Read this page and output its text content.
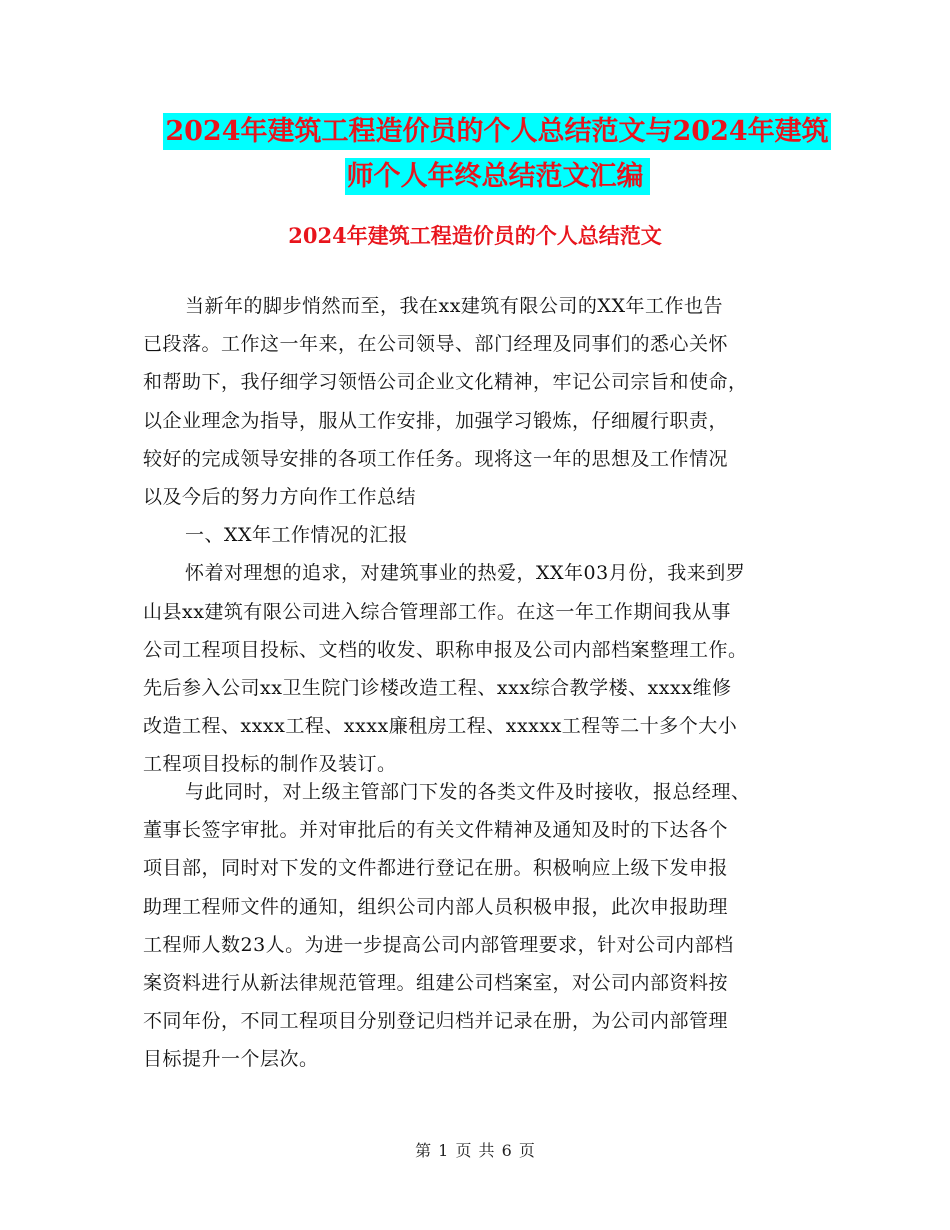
2024年建筑工程造价员的个人总结范文与2024年建筑
师个人年终总结范文汇编
2024年建筑工程造价员的个人总结范文
当新年的脚步悄然而至，我在xx建筑有限公司的XX年工作也告
已段落。工作这一年来，在公司领导、部门经理及同事们的悉心关怀
和帮助下，我仔细学习领悟公司企业文化精神，牢记公司宗旨和使命，
以企业理念为指导，服从工作安排，加强学习锻炼，仔细履行职责，
较好的完成领导安排的各项工作任务。现将这一年的思想及工作情况
以及今后的努力方向作工作总结
一、XX年工作情况的汇报
怀着对理想的追求，对建筑事业的热爱，XX年03月份，我来到罗
山县xx建筑有限公司进入综合管理部工作。在这一年工作期间我从事
公司工程项目投标、文档的收发、职称申报及公司内部档案整理工作。
先后参入公司xx卫生院门诊楼改造工程、xxx综合教学楼、xxxx维修
改造工程、xxxx工程、xxxx廉租房工程、xxxxx工程等二十多个大小
工程项目投标的制作及装订。
与此同时，对上级主管部门下发的各类文件及时接收，报总经理、
董事长签字审批。并对审批后的有关文件精神及通知及时的下达各个
项目部，同时对下发的文件都进行登记在册。积极响应上级下发申报
助理工程师文件的通知，组织公司内部人员积极申报，此次申报助理
工程师人数23人。为进一步提高公司内部管理要求，针对公司内部档
案资料进行从新法律规范管理。组建公司档案室，对公司内部资料按
不同年份，不同工程项目分别登记归档并记录在册，为公司内部管理
目标提升一个层次。
第 1 页 共 6 页
